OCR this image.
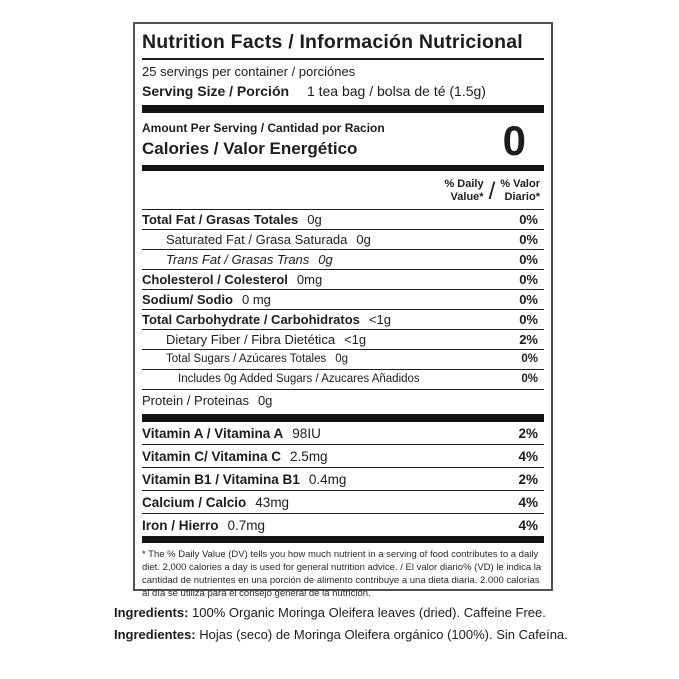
Nutrition Facts / Información Nutricional
25 servings per container / porciónes
Serving Size / Porción 1 tea bag / bolsa de té (1.5g)
Amount Per Serving / Cantidad por Racion
Calories / Valor Energético	0
% Daily
Value* / % Valor
Diario*
Total Fat / Grasas Totales 0g	0%
Saturated Fat / Grasa Saturada 0g	0%
Trans Fat / Grasas Trans 0g	0%
Cholesterol / Colesterol 0mg	0%
Sodium/ Sodio 0 mg	0%
Total Carbohydrate / Carbohidratos <1g	0%
Dietary Fiber / Fibra Dietética <1g	2%
Total Sugars / Azúcares Totales 0g	0%
Includes 0g Added Sugars / Azucares Añadidos	0%
Protein / Proteinas 0g
Vitamin A / Vitamina A 98IU	2%
Vitamin C/ Vitamina C 2.5mg	4%
Vitamin B1 / Vitamina B1 0.4mg	2%
Calcium / Calcio 43mg	4%
Iron / Hierro 0.7mg	4%
* The % Daily Value (DV) tells you how much nutrient in a serving of food contributes to a daily diet. 2,000 calories a day is used for general nutrition advice. / El valor diario% (VD) le indica la cantidad de nutrientes en una porción de alimento contribuye a una dieta diaria. 2.000 calorías al día se utiliza para el consejo general de la nutrición.
Ingredients: 100% Organic Moringa Oleifera leaves (dried). Caffeine Free.
Ingredientes: Hojas (seco) de Moringa Oleifera orgánico (100%). Sin Cafeína.
